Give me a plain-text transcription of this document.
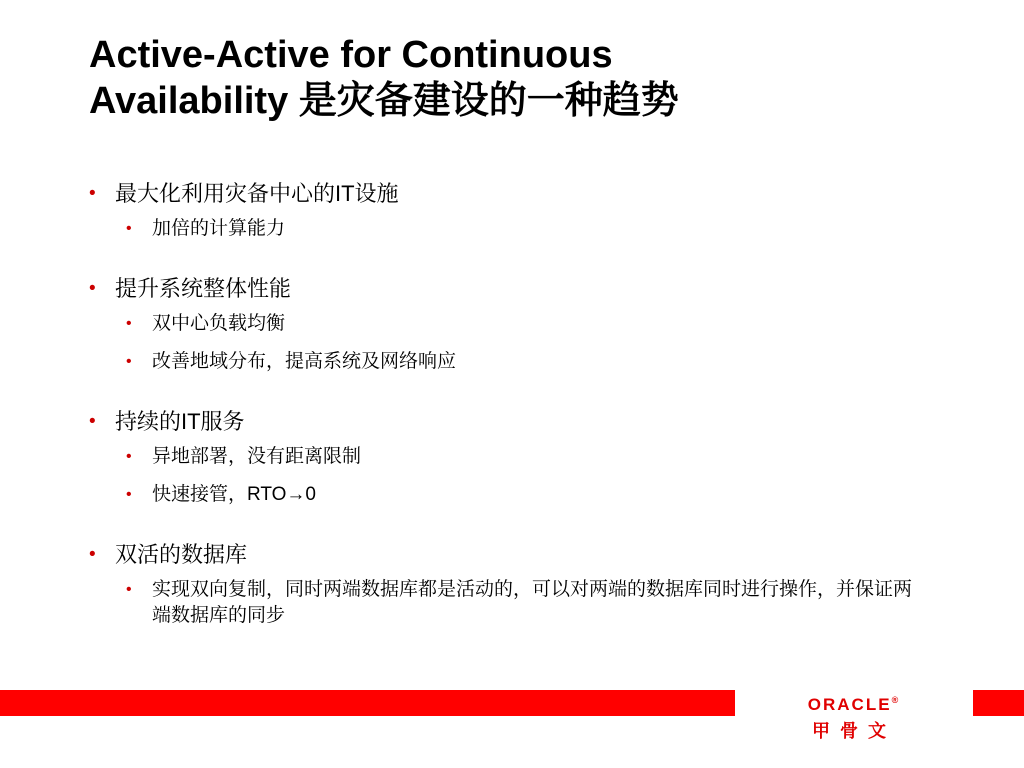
Active-Active for Continuous
Availability 是灾备建设的一种趋势
• 最大化利用灾备中心的IT设施
• 加倍的计算能力
• 提升系统整体性能
• 双中心负载均衡
• 改善地域分布，提高系统及网络响应
• 持续的IT服务
• 异地部署，没有距离限制
• 快速接管，RTO→0
• 双活的数据库
• 实现双向复制，同时两端数据库都是活动的，可以对两端的数据库同时进行操作，并保证两端数据库的同步
ORACLE®
甲骨文
